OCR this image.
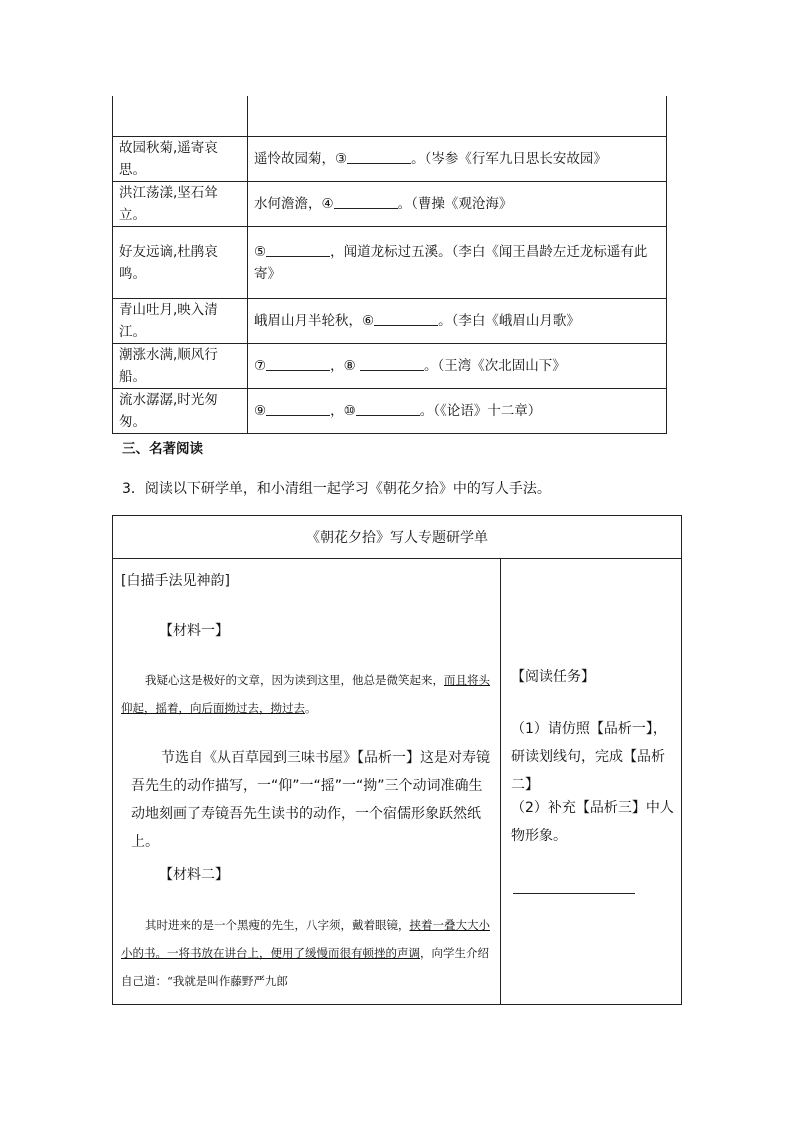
故园秋菊,遥寄哀思。	遥怜故园菊，③ 。（岑参《行军九日思长安故园》
洪江荡漾,坚石耸立。	水何澹澹，④ 。（曹操《观沧海》
好友远谪,杜鹃哀鸣。	⑤ ，闻道龙标过五溪。（李白《闻王昌龄左迁龙标遥有此寄》
青山吐月,映入清江。	峨眉山月半轮秋，⑥ 。（李白《峨眉山月歌》
潮涨水满,顺风行船。	⑦ ，⑧ 。（王湾《次北固山下》
流水潺潺,时光匆匆。	⑨ ，⑩ 。（《论语》十二章）
三、名著阅读
3．阅读以下研学单，和小清组一起学习《朝花夕拾》中的写人手法。
《朝花夕拾》写人专题研学单
[白描手法见神韵]
【材料一】
我疑心这是极好的文章，因为读到这里，他总是微笑起来，而且将头仰起，摇着，向后面拗过去，拗过去。
节选自《从百草园到三味书屋》【品析一】这是对寿镜吾先生的动作描写，一“仰”一“摇”一“拗”三个动词准确生动地刻画了寿镜吾先生读书的动作，一个宿儒形象跃然纸上。
【材料二】
其时进来的是一个黑瘦的先生，八字须，戴着眼镜，挟着一叠大大小小的书。一将书放在讲台上，便用了缓慢而很有顿挫的声调，向学生介绍自己道：“我就是叫作藤野严九郎
【阅读任务】
（1）请仿照【品析一】，研读划线句，完成【品析二】
（2）补充【品析三】中人物形象。
